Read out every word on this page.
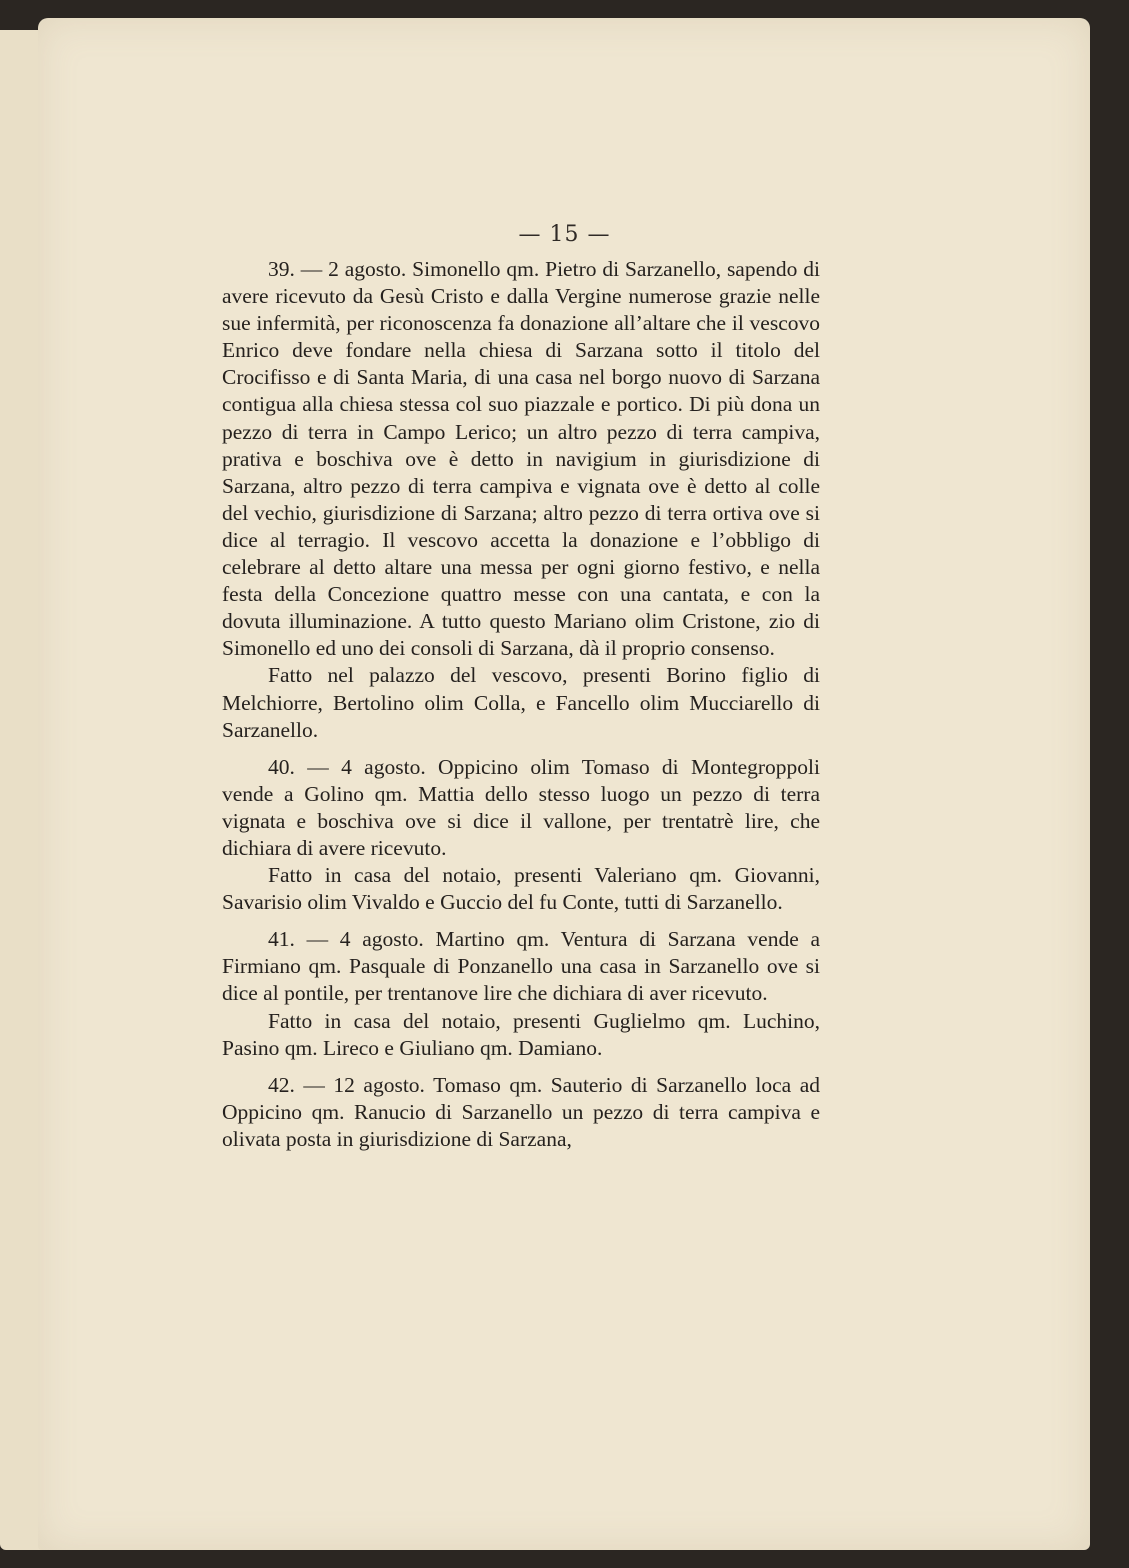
— 15 —

39. — 2 agosto. Simonello qm. Pietro di Sarzanello, sapendo di avere ricevuto da Gesù Cristo e dalla Vergine numerose grazie nelle sue infermità, per riconoscenza fa donazione all’altare che il vescovo Enrico deve fondare nella chiesa di Sarzana sotto il titolo del Crocifisso e di Santa Maria, di una casa nel borgo nuovo di Sarzana contigua alla chiesa stessa col suo piazzale e portico. Di più dona un pezzo di terra in Campo Lerico; un altro pezzo di terra campiva, prativa e boschiva ove è detto in navigium in giurisdizione di Sarzana, altro pezzo di terra campiva e vignata ove è detto al colle del vechio, giurisdizione di Sarzana; altro pezzo di terra ortiva ove si dice al terragio. Il vescovo accetta la donazione e l’obbligo di celebrare al detto altare una messa per ogni giorno festivo, e nella festa della Concezione quattro messe con una cantata, e con la dovuta illuminazione. A tutto questo Mariano olim Cristone, zio di Simonello ed uno dei consoli di Sarzana, dà il proprio consenso.

Fatto nel palazzo del vescovo, presenti Borino figlio di Melchiorre, Bertolino olim Colla, e Fancello olim Mucciarello di Sarzanello.

40. — 4 agosto. Oppicino olim Tomaso di Montegroppoli vende a Golino qm. Mattia dello stesso luogo un pezzo di terra vignata e boschiva ove si dice il vallone, per trentatrè lire, che dichiara di avere ricevuto.

Fatto in casa del notaio, presenti Valeriano qm. Giovanni, Savarisio olim Vivaldo e Guccio del fu Conte, tutti di Sarzanello.

41. — 4 agosto. Martino qm. Ventura di Sarzana vende a Firmiano qm. Pasquale di Ponzanello una casa in Sarzanello ove si dice al pontile, per trentanove lire che dichiara di aver ricevuto.

Fatto in casa del notaio, presenti Guglielmo qm. Luchino, Pasino qm. Lireco e Giuliano qm. Damiano.

42. — 12 agosto. Tomaso qm. Sauterio di Sarzanello loca ad Oppicino qm. Ranucio di Sarzanello un pezzo di terra campiva e olivata posta in giurisdizione di Sarzana,
